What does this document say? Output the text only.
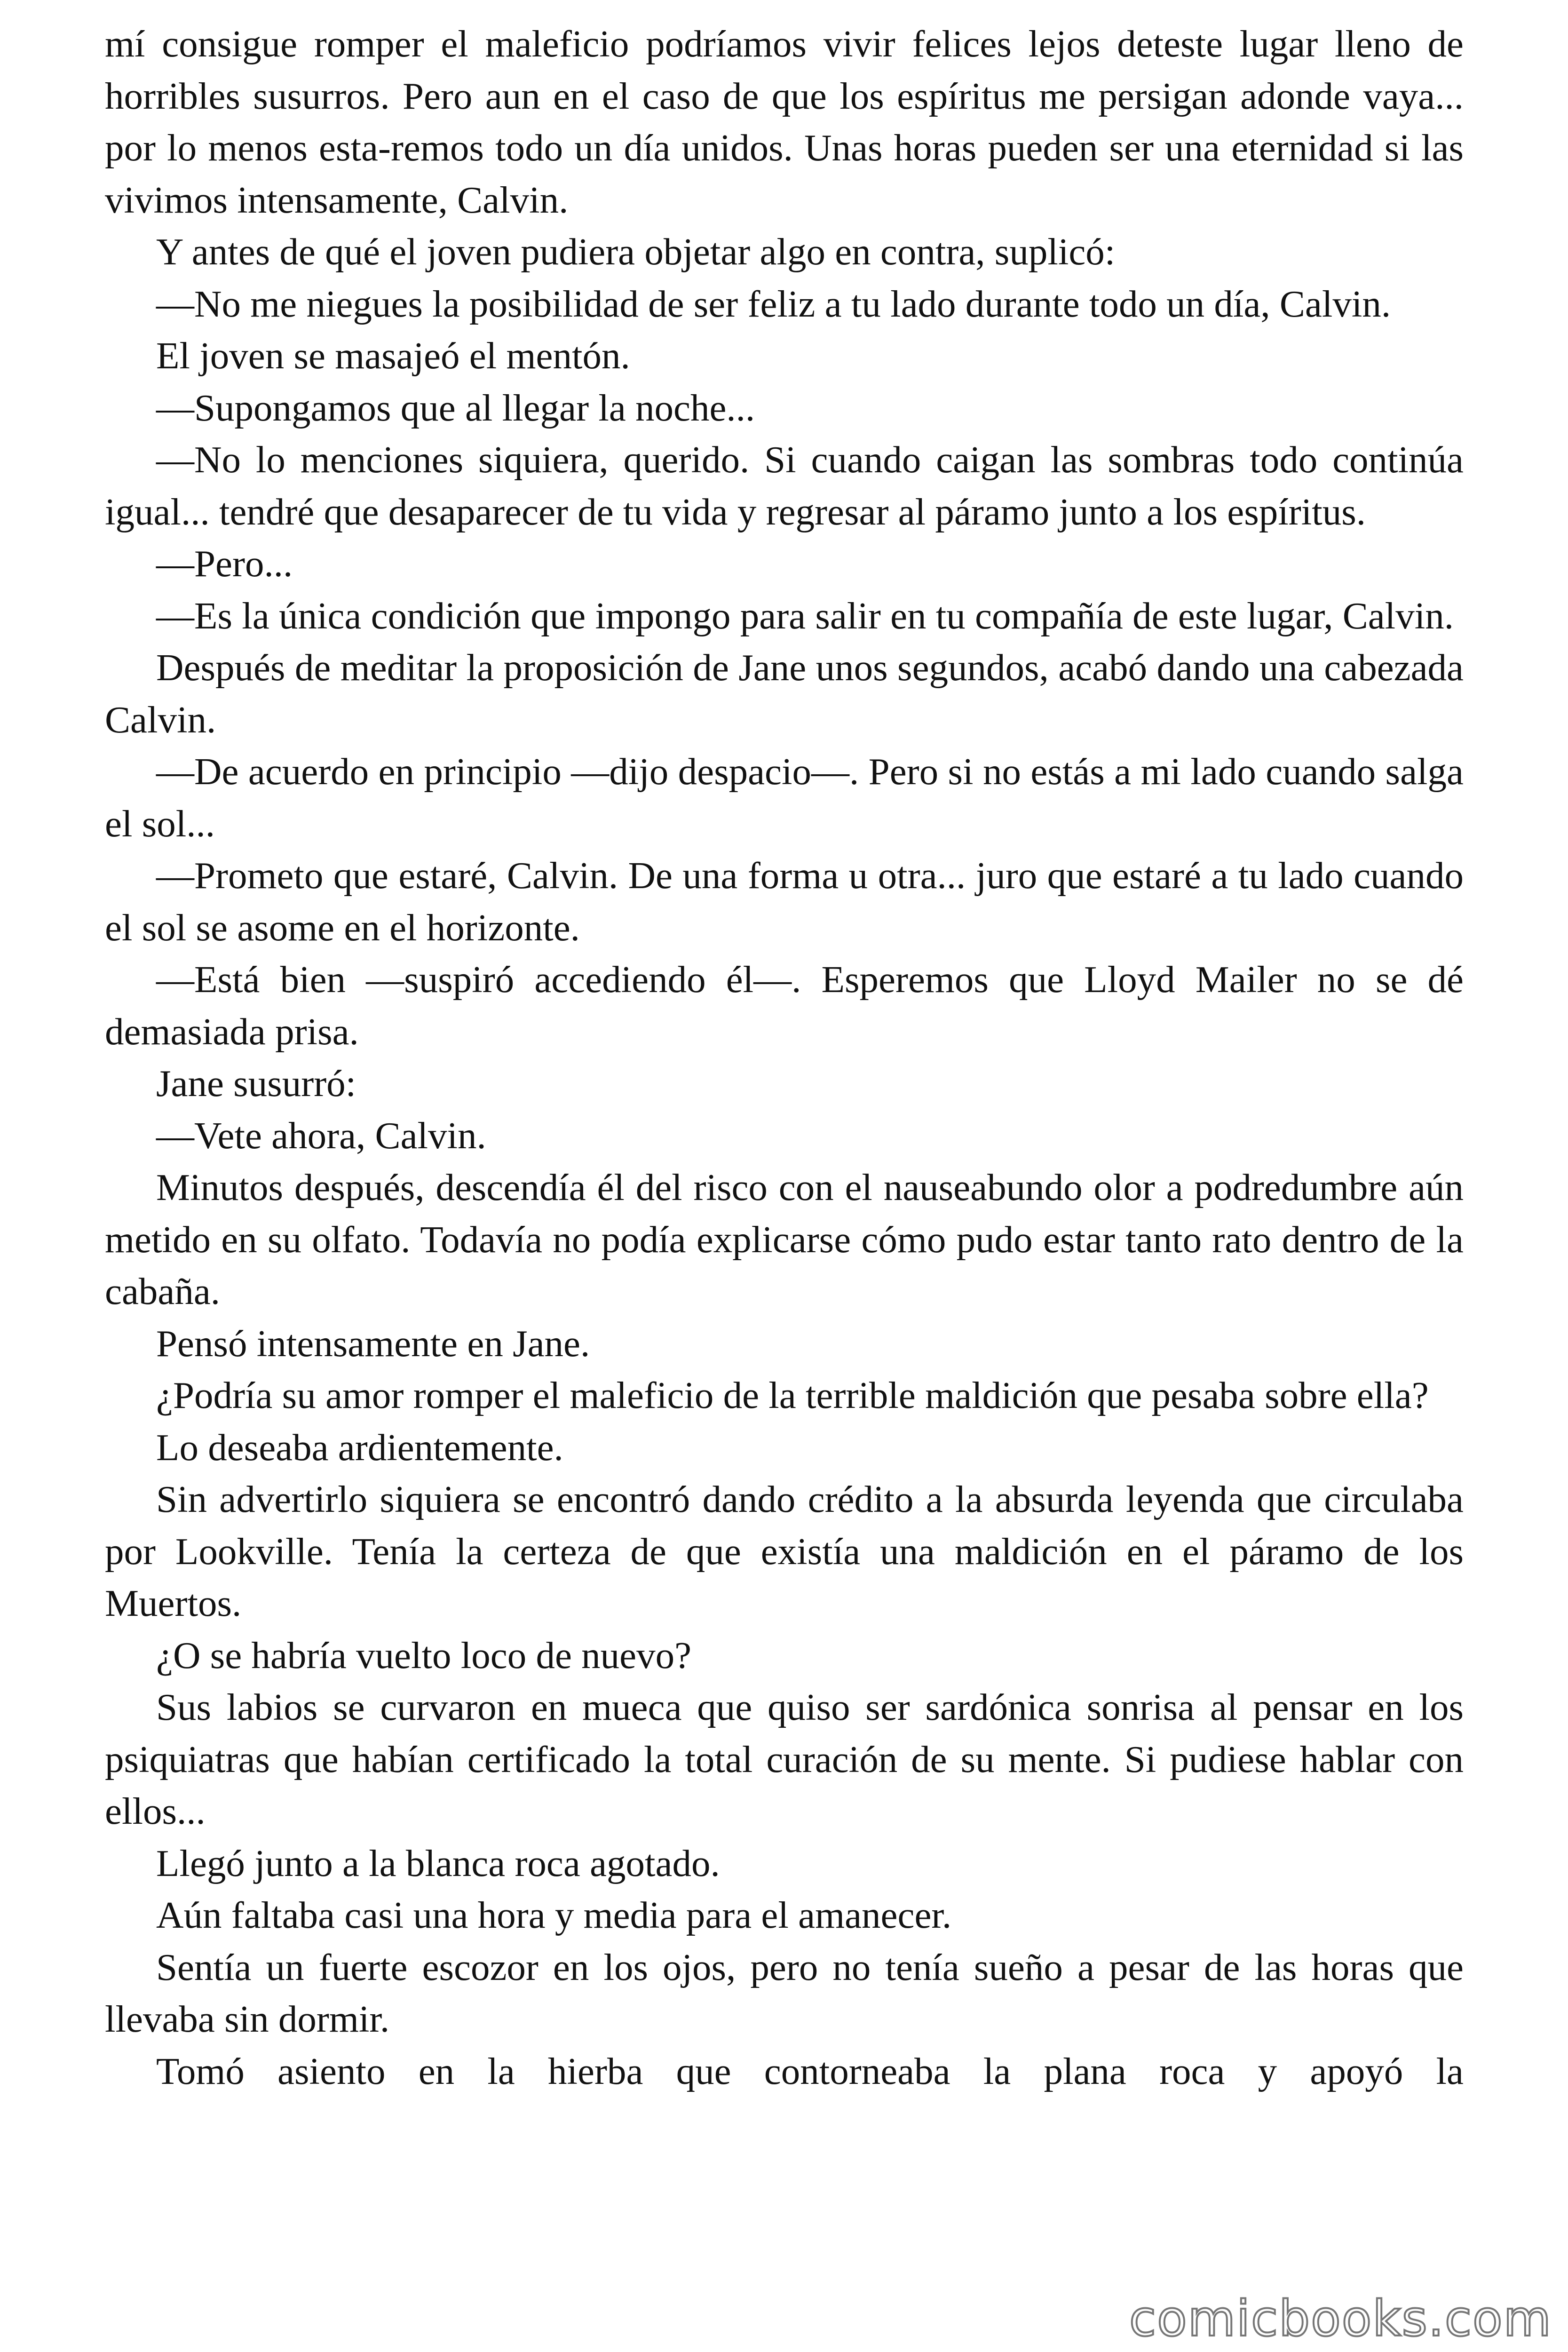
mí consigue romper el maleficio podríamos vivir felices lejos deteste lugar lleno de horribles susurros. Pero aun en el caso de que los espíritus me persigan adonde vaya... por lo menos esta-remos todo un día unidos. Unas horas pueden ser una eternidad si las vivimos intensamente, Calvin.

Y antes de qué el joven pudiera objetar algo en contra, suplicó:

—No me niegues la posibilidad de ser feliz a tu lado durante todo un día, Calvin.

El joven se masajeó el mentón.

—Supongamos que al llegar la noche...

—No lo menciones siquiera, querido. Si cuando caigan las sombras todo continúa igual... tendré que desaparecer de tu vida y regresar al páramo junto a los espíritus.

—Pero...

—Es la única condición que impongo para salir en tu compañía de este lugar, Calvin.

Después de meditar la proposición de Jane unos segundos, acabó dando una cabezada Calvin.

—De acuerdo en principio —dijo despacio—. Pero si no estás a mi lado cuando salga el sol...

—Prometo que estaré, Calvin. De una forma u otra... juro que estaré a tu lado cuando el sol se asome en el horizonte.

—Está bien —suspiró accediendo él—. Esperemos que Lloyd Mailer no se dé demasiada prisa.

Jane susurró:

—Vete ahora, Calvin.

Minutos después, descendía él del risco con el nauseabundo olor a podredumbre aún metido en su olfato. Todavía no podía explicarse cómo pudo estar tanto rato dentro de la cabaña.

Pensó intensamente en Jane.

¿Podría su amor romper el maleficio de la terrible maldición que pesaba sobre ella?

Lo deseaba ardientemente.

Sin advertirlo siquiera se encontró dando crédito a la absurda leyenda que circulaba por Lookville. Tenía la certeza de que existía una maldición en el páramo de los Muertos.

¿O se habría vuelto loco de nuevo?

Sus labios se curvaron en mueca que quiso ser sardónica sonrisa al pensar en los psiquiatras que habían certificado la total curación de su mente. Si pudiese hablar con ellos...

Llegó junto a la blanca roca agotado.

Aún faltaba casi una hora y media para el amanecer.

Sentía un fuerte escozor en los ojos, pero no tenía sueño a pesar de las horas que llevaba sin dormir.

Tomó asiento en la hierba que contorneaba la plana roca y apoyó la

comicbooks.com
